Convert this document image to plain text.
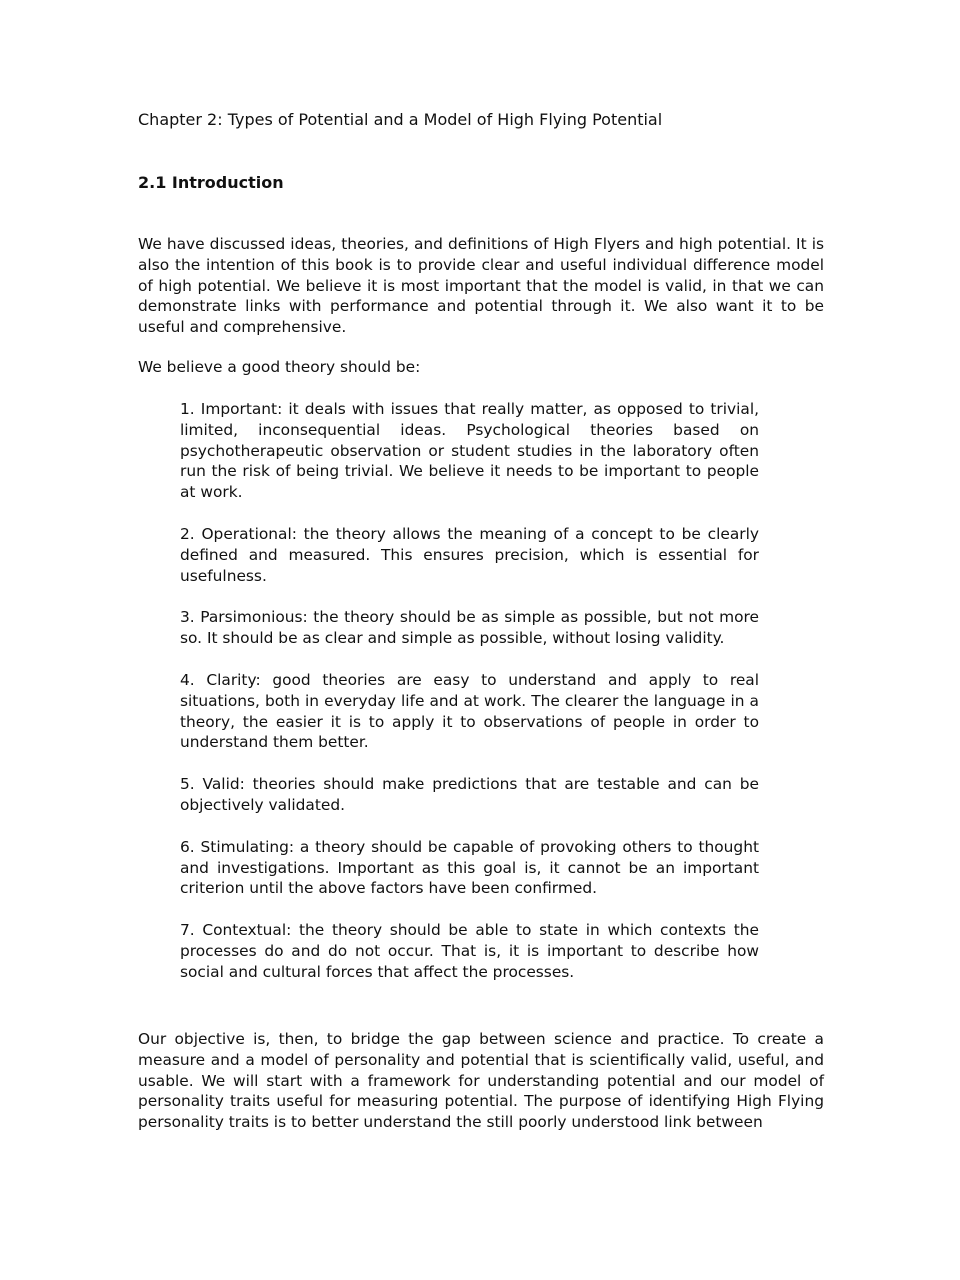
Chapter 2: Types of Potential and a Model of High Flying Potential
2.1 Introduction

We have discussed ideas, theories, and definitions of High Flyers and high potential. It is also the intention of this book is to provide clear and useful individual difference model of high potential. We believe it is most important that the model is valid, in that we can demonstrate links with performance and potential through it. We also want it to be useful and comprehensive.

We believe a good theory should be:

1. Important: it deals with issues that really matter, as opposed to trivial, limited, inconsequential ideas. Psychological theories based on psychotherapeutic observation or student studies in the laboratory often run the risk of being trivial. We believe it needs to be important to people at work.
2. Operational: the theory allows the meaning of a concept to be clearly defined and measured. This ensures precision, which is essential for usefulness.
3. Parsimonious: the theory should be as simple as possible, but not more so. It should be as clear and simple as possible, without losing validity.
4. Clarity: good theories are easy to understand and apply to real situations, both in everyday life and at work. The clearer the language in a theory, the easier it is to apply it to observations of people in order to understand them better.
5. Valid: theories should make predictions that are testable and can be objectively validated.
6. Stimulating: a theory should be capable of provoking others to thought and investigations. Important as this goal is, it cannot be an important criterion until the above factors have been confirmed.
7. Contextual: the theory should be able to state in which contexts the processes do and do not occur. That is, it is important to describe how social and cultural forces that affect the processes.

Our objective is, then, to bridge the gap between science and practice. To create a measure and a model of personality and potential that is scientifically valid, useful, and usable. We will start with a framework for understanding potential and our model of personality traits useful for measuring potential. The purpose of identifying High Flying personality traits is to better understand the still poorly understood link between
